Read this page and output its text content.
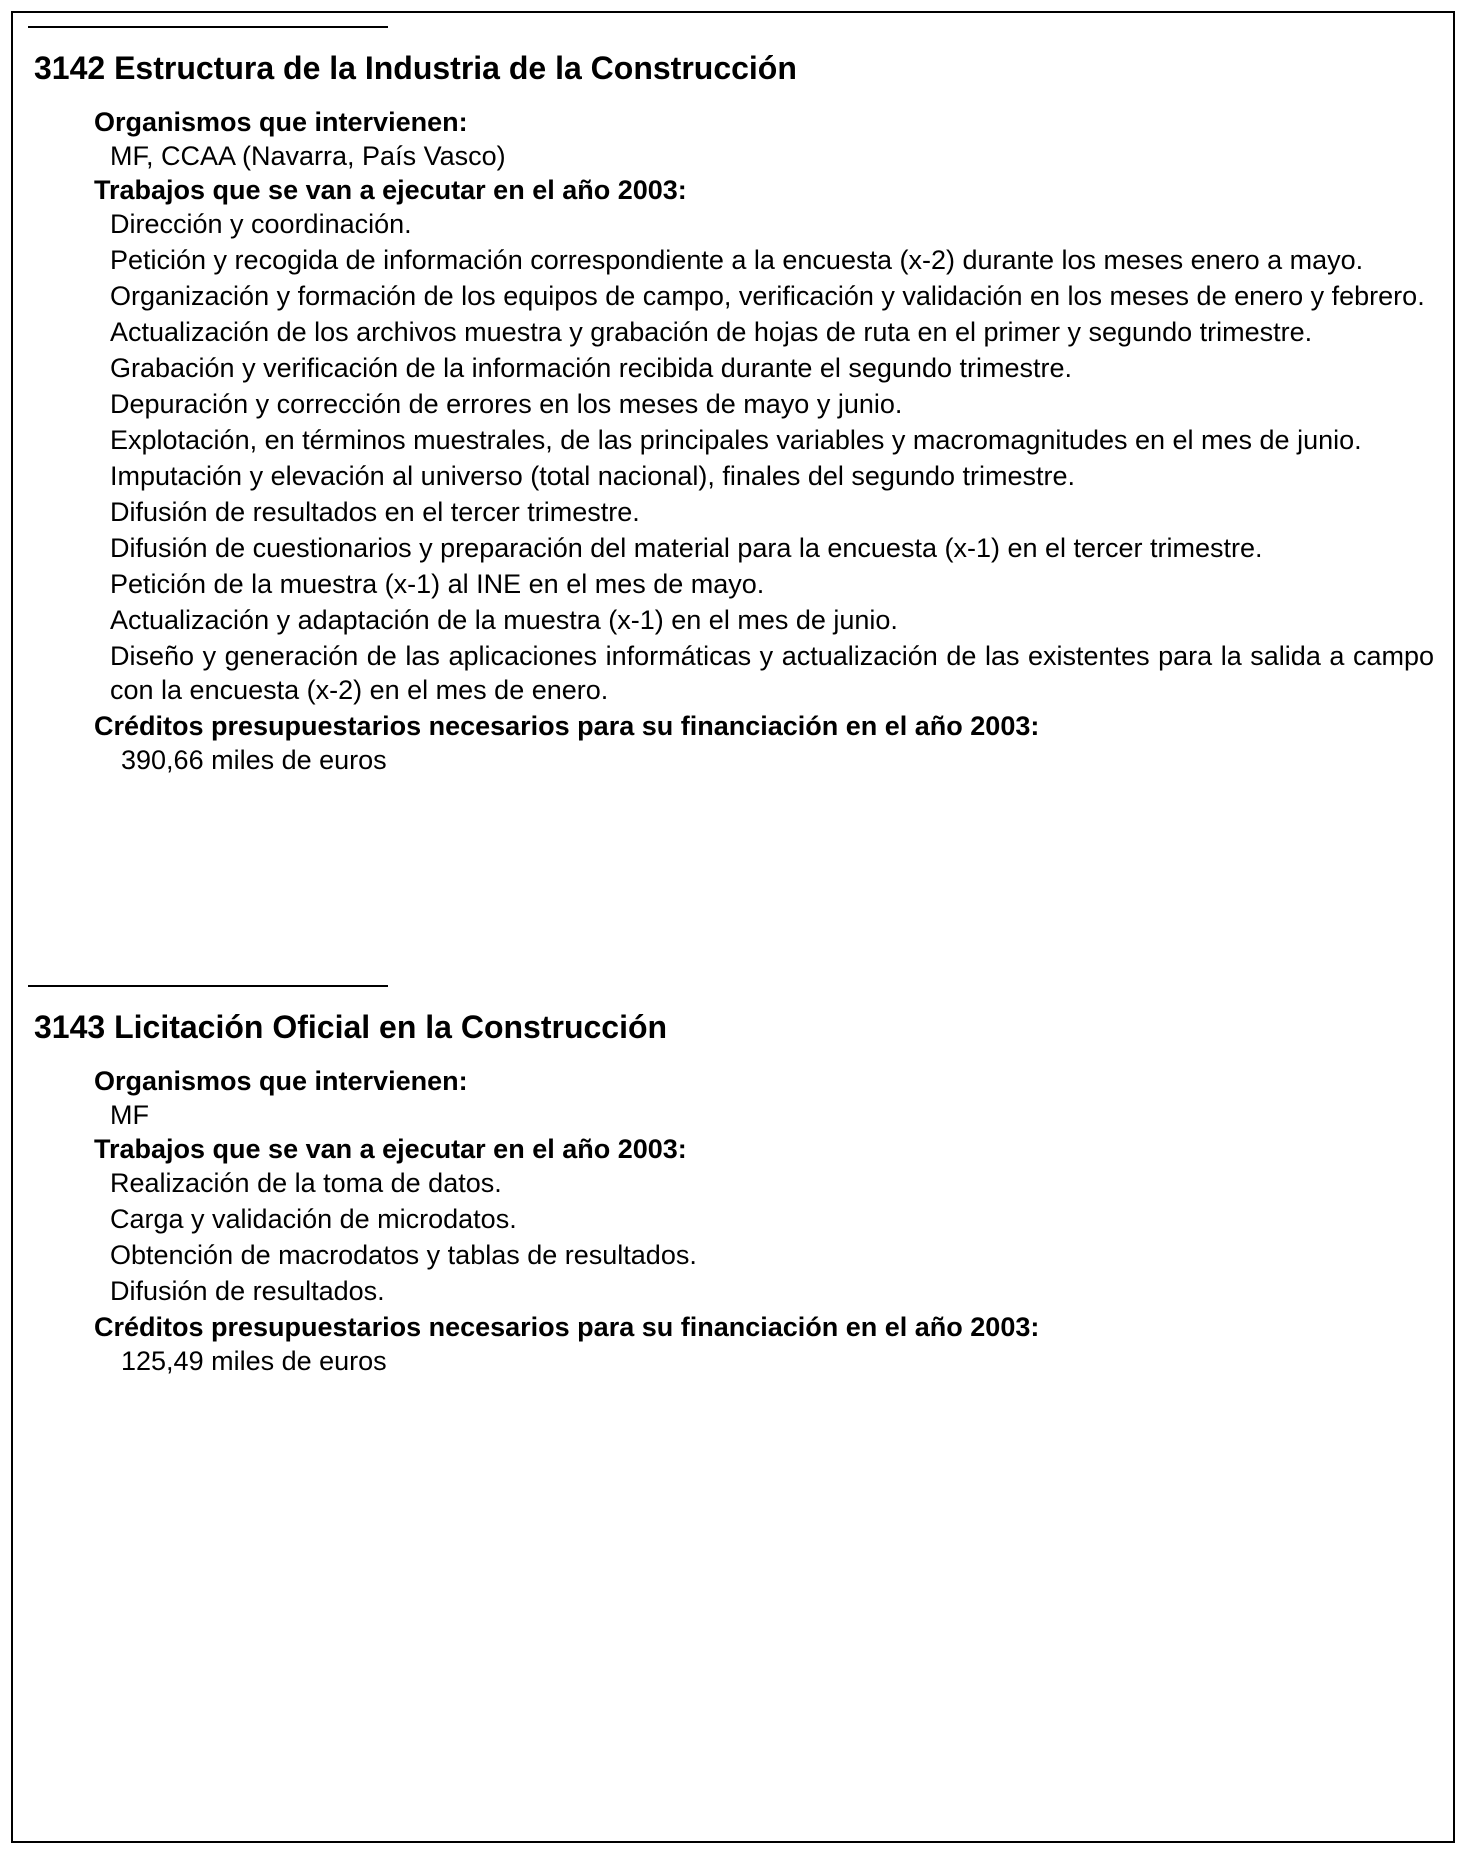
3142 Estructura de la Industria de la Construcción
Organismos que intervienen:
MF, CCAA (Navarra, País Vasco)
Trabajos que se van a ejecutar en el año 2003:
Dirección y coordinación.
Petición y recogida de información correspondiente a la encuesta (x-2) durante los meses enero a mayo.
Organización y formación de los equipos de campo, verificación y validación en los meses de enero y febrero.
Actualización de los archivos muestra y grabación de hojas de ruta en el primer y segundo trimestre.
Grabación y verificación de la información recibida durante el segundo trimestre.
Depuración y corrección de errores en los meses de mayo y junio.
Explotación, en términos muestrales, de las principales variables y macromagnitudes en el mes de junio.
Imputación y elevación al universo (total nacional), finales del segundo trimestre.
Difusión de resultados en el tercer trimestre.
Difusión de cuestionarios y preparación del material para la encuesta (x-1) en el tercer trimestre.
Petición de la muestra (x-1) al INE en el mes de mayo.
Actualización y adaptación de la muestra (x-1) en el mes de junio.
Diseño y generación de las aplicaciones informáticas y actualización de las existentes para la salida a campo con la encuesta (x-2) en el mes de enero.
Créditos presupuestarios necesarios para su financiación en el año 2003:
390,66 miles de euros
3143 Licitación Oficial en la Construcción
Organismos que intervienen:
MF
Trabajos que se van a ejecutar en el año 2003:
Realización de la toma de datos.
Carga y validación de microdatos.
Obtención de macrodatos y tablas de resultados.
Difusión de resultados.
Créditos presupuestarios necesarios para su financiación en el año 2003:
125,49 miles de euros
